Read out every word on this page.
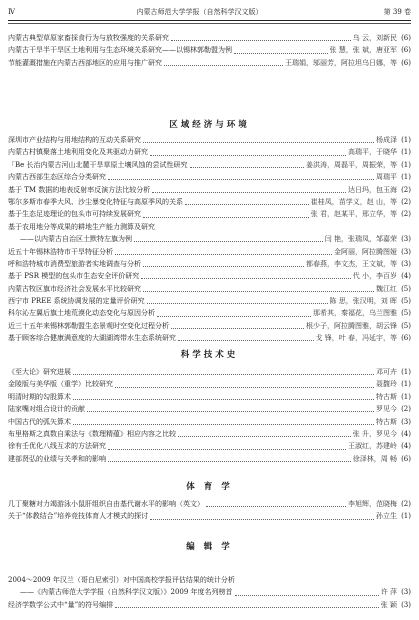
Ⅳ	内蒙古师范大学学报（自然科学汉文版）	第 39 卷
内蒙古典型草原家畜採食行为与放牧强度的关系研究	乌 云，刘新民 (6)
内蒙古干旱半干旱区土地利用与生态环境关系研究——以锡林郭勒盟为例	张 慧，张 斌，唐亚军 (6)
节能灌溉措施在内蒙古西部地区的应用与推广研究	王瑞娟，邬丽芳，阿拉坦乌日娜，等 (6)
区域经济与环境
深圳市产业结构与用地结构的互动关系研究	杨成泽 (1)
内蒙古村镇聚落土地利用变化及其驱动力研究	高瑞平，于晓华 (1)
「Be 长治内蒙古河山北麓干旱草原土壤风蚀的尝试性研究	姜洪涛，周磊平，周振荣，等 (1)
内蒙古西部生态区综合分类研究	周瑞平 (1)
基于 TM 数据的地表反射率反演方法比较分析	达日玛，包玉海 (2)
鄂尔多斯市春季大风、沙尘暴变化特征与高原季风的关系	崔桂凤，苗学义，赵 山，等 (2)
基于生态足迹理论的包头市可持续发展研究	张 君，赵某平，邢立华，等 (2)
基于农用地分等成果的耕地生产能力测算及研究
——以内蒙古自治区土默特左旗为例	闫 艳，张瑞凤，邹嘉荣 (3)
近五十年锡林浩特市干旱特征分析	金阿丽，阿拉腾图娅 (3)
呼和浩特城市消费型旅游者实地调查与分析	都春燕，李文杰，王文斌，等 (3)
基于 PSR 模型的包头市生态安全评价研究	代 小，李百岁 (4)
内蒙古牧区旗市经济社会发展水平比较研究	魏江红 (5)
西宁市 PREE 系统协调发展的定量评价研究	陈 思，张汉明，刘 晖 (5)
科尔沁左翼后旗土地荒漠化动态变化与原因分析	那希其，秦福花，乌兰图雅 (5)
近三十五年来锡林郭勒盟生态景观时空变化过程分析	根少子，阿拉腾图雅，胡云锋 (5)
基于顾客综合健康满意度的大湖湖湾带水生态系统研究	戈 锋，叶 春，冯延宇，等 (6)
科学技术史
《至大论》研究进展	邓可卉 (1)
金陵版与美华版（重学）比较研究	聂馥玲 (1)
明清时期的勾股算术	特古斯 (1)
陆家嘴对组合设计的贡献	罗见今 (2)
中国古代的弧矢算术	特古斯 (3)
布里格斯之真数自乘法与《数理精蕴》相应内容之比较	张 升，罗见今 (4)
徐有壬优化八线互求的方法研究	王淑红，苏建岭 (4)
建部贤弘的业绩与关孝和的影响	徐泽林，周 畅 (6)
体 育 学
几丁聚糖对力竭游泳小鼠肝组织自由基代谢水平的影响（英文）	李旭辉，范晓梅 (2)
关于“体教结合”培养竞技体育人才模式的探讨	孙立生 (1)
编 辑 学
2004～2009 年汉兰（哥白尼索引）对中国高校学报评估结果的统计分析
——《内蒙古师范大学学报（自然科学汉文版）》2009 年度名列榜首	许 萍 (3)
经济学数学公式中“量”的符号编排	张 颖 (3)
